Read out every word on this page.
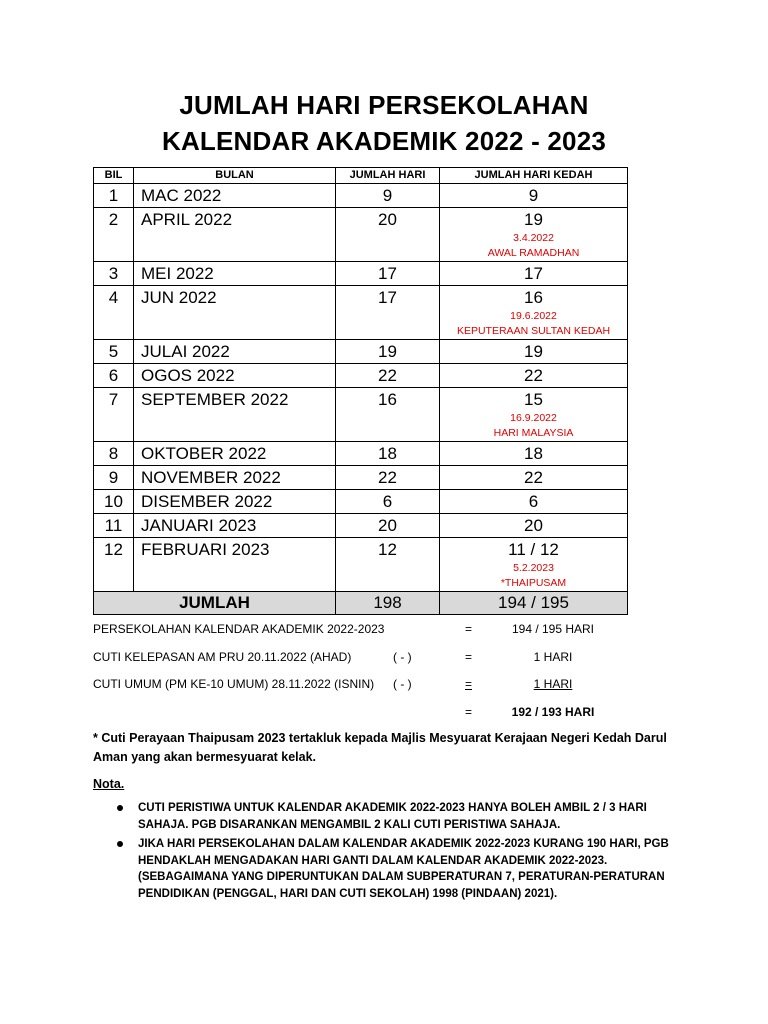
JUMLAH HARI PERSEKOLAHAN
KALENDAR AKADEMIK 2022 - 2023
BIL	BULAN	JUMLAH HARI	JUMLAH HARI KEDAH
1	MAC 2022	9	9
2	APRIL 2022	20	19
3.4.2022
AWAL RAMADHAN

3	MEI 2022	17	17
4	JUN 2022	17	16
19.6.2022
KEPUTERAAN SULTAN KEDAH

5	JULAI 2022	19	19
6	OGOS 2022	22	22
7	SEPTEMBER 2022	16	15
16.9.2022
HARI MALAYSIA

8	OKTOBER 2022	18	18
9	NOVEMBER 2022	22	22
10	DISEMBER 2022	6	6
11	JANUARI 2023	20	20
12	FEBRUARI 2023	12	11 / 12
5.2.2023
*THAIPUSAM

JUMLAH		198	194 / 195
PERSEKOLAHAN KALENDAR AKADEMIK 2022-2023	=	194 / 195 HARI
CUTI KELEPASAN AM PRU 20.11.2022 (AHAD)	( - )	=	1 HARI
CUTI UMUM (PM KE-10 UMUM) 28.11.2022 (ISNIN) ( - )	=	1 HARI
=	192 / 193 HARI
* Cuti Perayaan Thaipusam 2023 tertakluk kepada Majlis Mesyuarat Kerajaan Negeri Kedah Darul Aman yang akan bermesyuarat kelak.
Nota.
CUTI PERISTIWA UNTUK KALENDAR AKADEMIK 2022-2023 HANYA BOLEH AMBIL 2 / 3 HARI SAHAJA. PGB DISARANKAN MENGAMBIL 2 KALI CUTI PERISTIWA SAHAJA.
JIKA HARI PERSEKOLAHAN DALAM KALENDAR AKADEMIK 2022-2023 KURANG 190 HARI, PGB HENDAKLAH MENGADAKAN HARI GANTI DALAM KALENDAR AKADEMIK 2022-2023. (SEBAGAIMANA YANG DIPERUNTUKAN DALAM SUBPERATURAN 7, PERATURAN-PERATURAN PENDIDIKAN (PENGGAL, HARI DAN CUTI SEKOLAH) 1998 (PINDAAN) 2021).
